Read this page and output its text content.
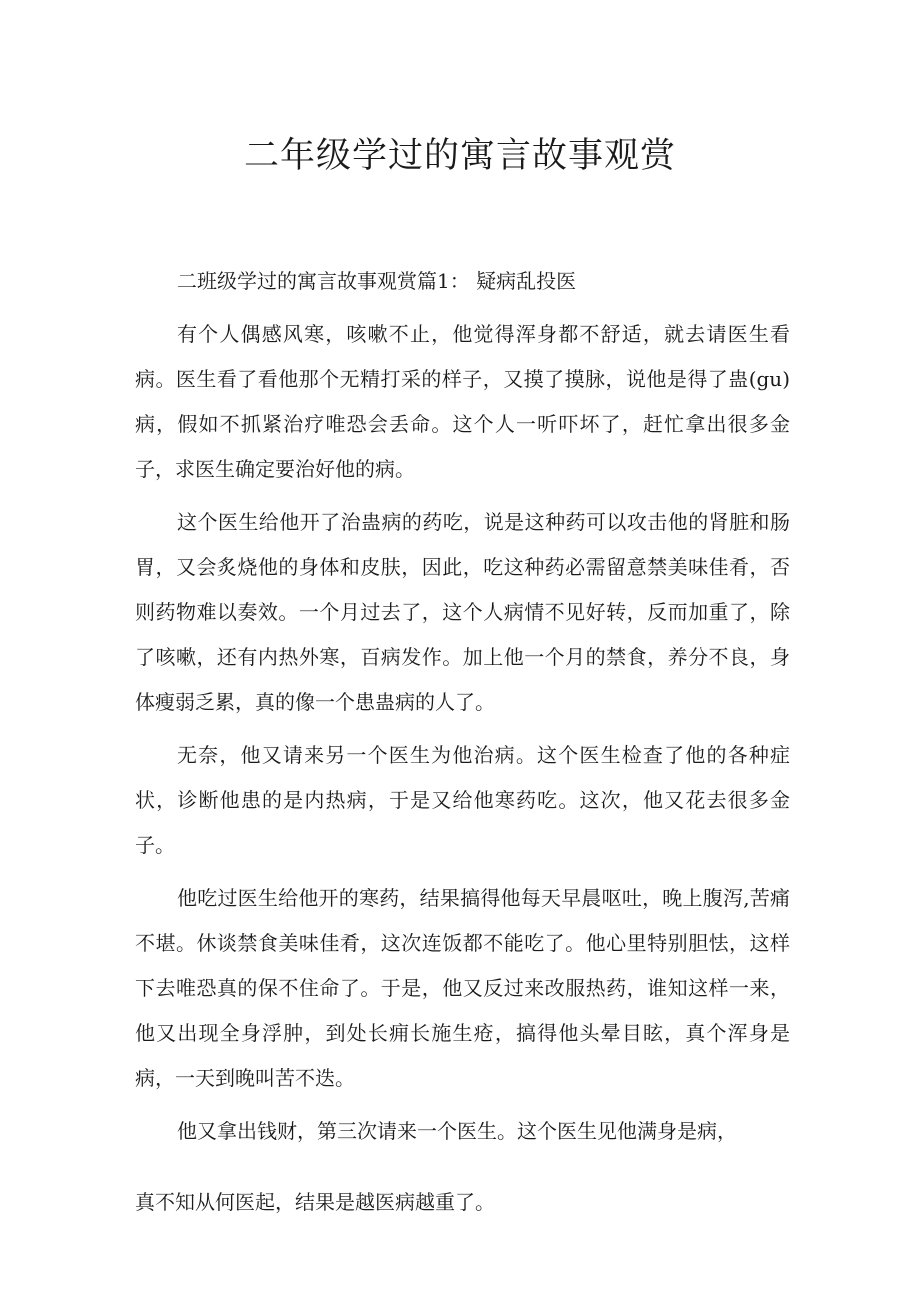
二年级学过的寓言故事观赏

二班级学过的寓言故事观赏篇1： 疑病乱投医

有个人偶感风寒，咳嗽不止，他觉得浑身都不舒适，就去请医生看病。医生看了看他那个无精打采的样子，又摸了摸脉，说他是得了蛊(gu)病，假如不抓紧治疗唯恐会丢命。这个人一听吓坏了，赶忙拿出很多金子，求医生确定要治好他的病。

这个医生给他开了治蛊病的药吃，说是这种药可以攻击他的肾脏和肠胃，又会炙烧他的身体和皮肤，因此，吃这种药必需留意禁美味佳肴，否则药物难以奏效。一个月过去了，这个人病情不见好转，反而加重了，除了咳嗽，还有内热外寒，百病发作。加上他一个月的禁食，养分不良，身体瘦弱乏累，真的像一个患蛊病的人了。

无奈，他又请来另一个医生为他治病。这个医生检查了他的各种症状，诊断他患的是内热病，于是又给他寒药吃。这次，他又花去很多金子。

他吃过医生给他开的寒药，结果搞得他每天早晨呕吐，晚上腹泻,苦痛不堪。休谈禁食美味佳肴，这次连饭都不能吃了。他心里特别胆怯，这样下去唯恐真的保不住命了。于是，他又反过来改服热药，谁知这样一来，他又出现全身浮肿，到处长痈长施生疮，搞得他头晕目眩，真个浑身是病，一天到晚叫苦不迭。

他又拿出钱财，第三次请来一个医生。这个医生见他满身是病，

真不知从何医起，结果是越医病越重了。
